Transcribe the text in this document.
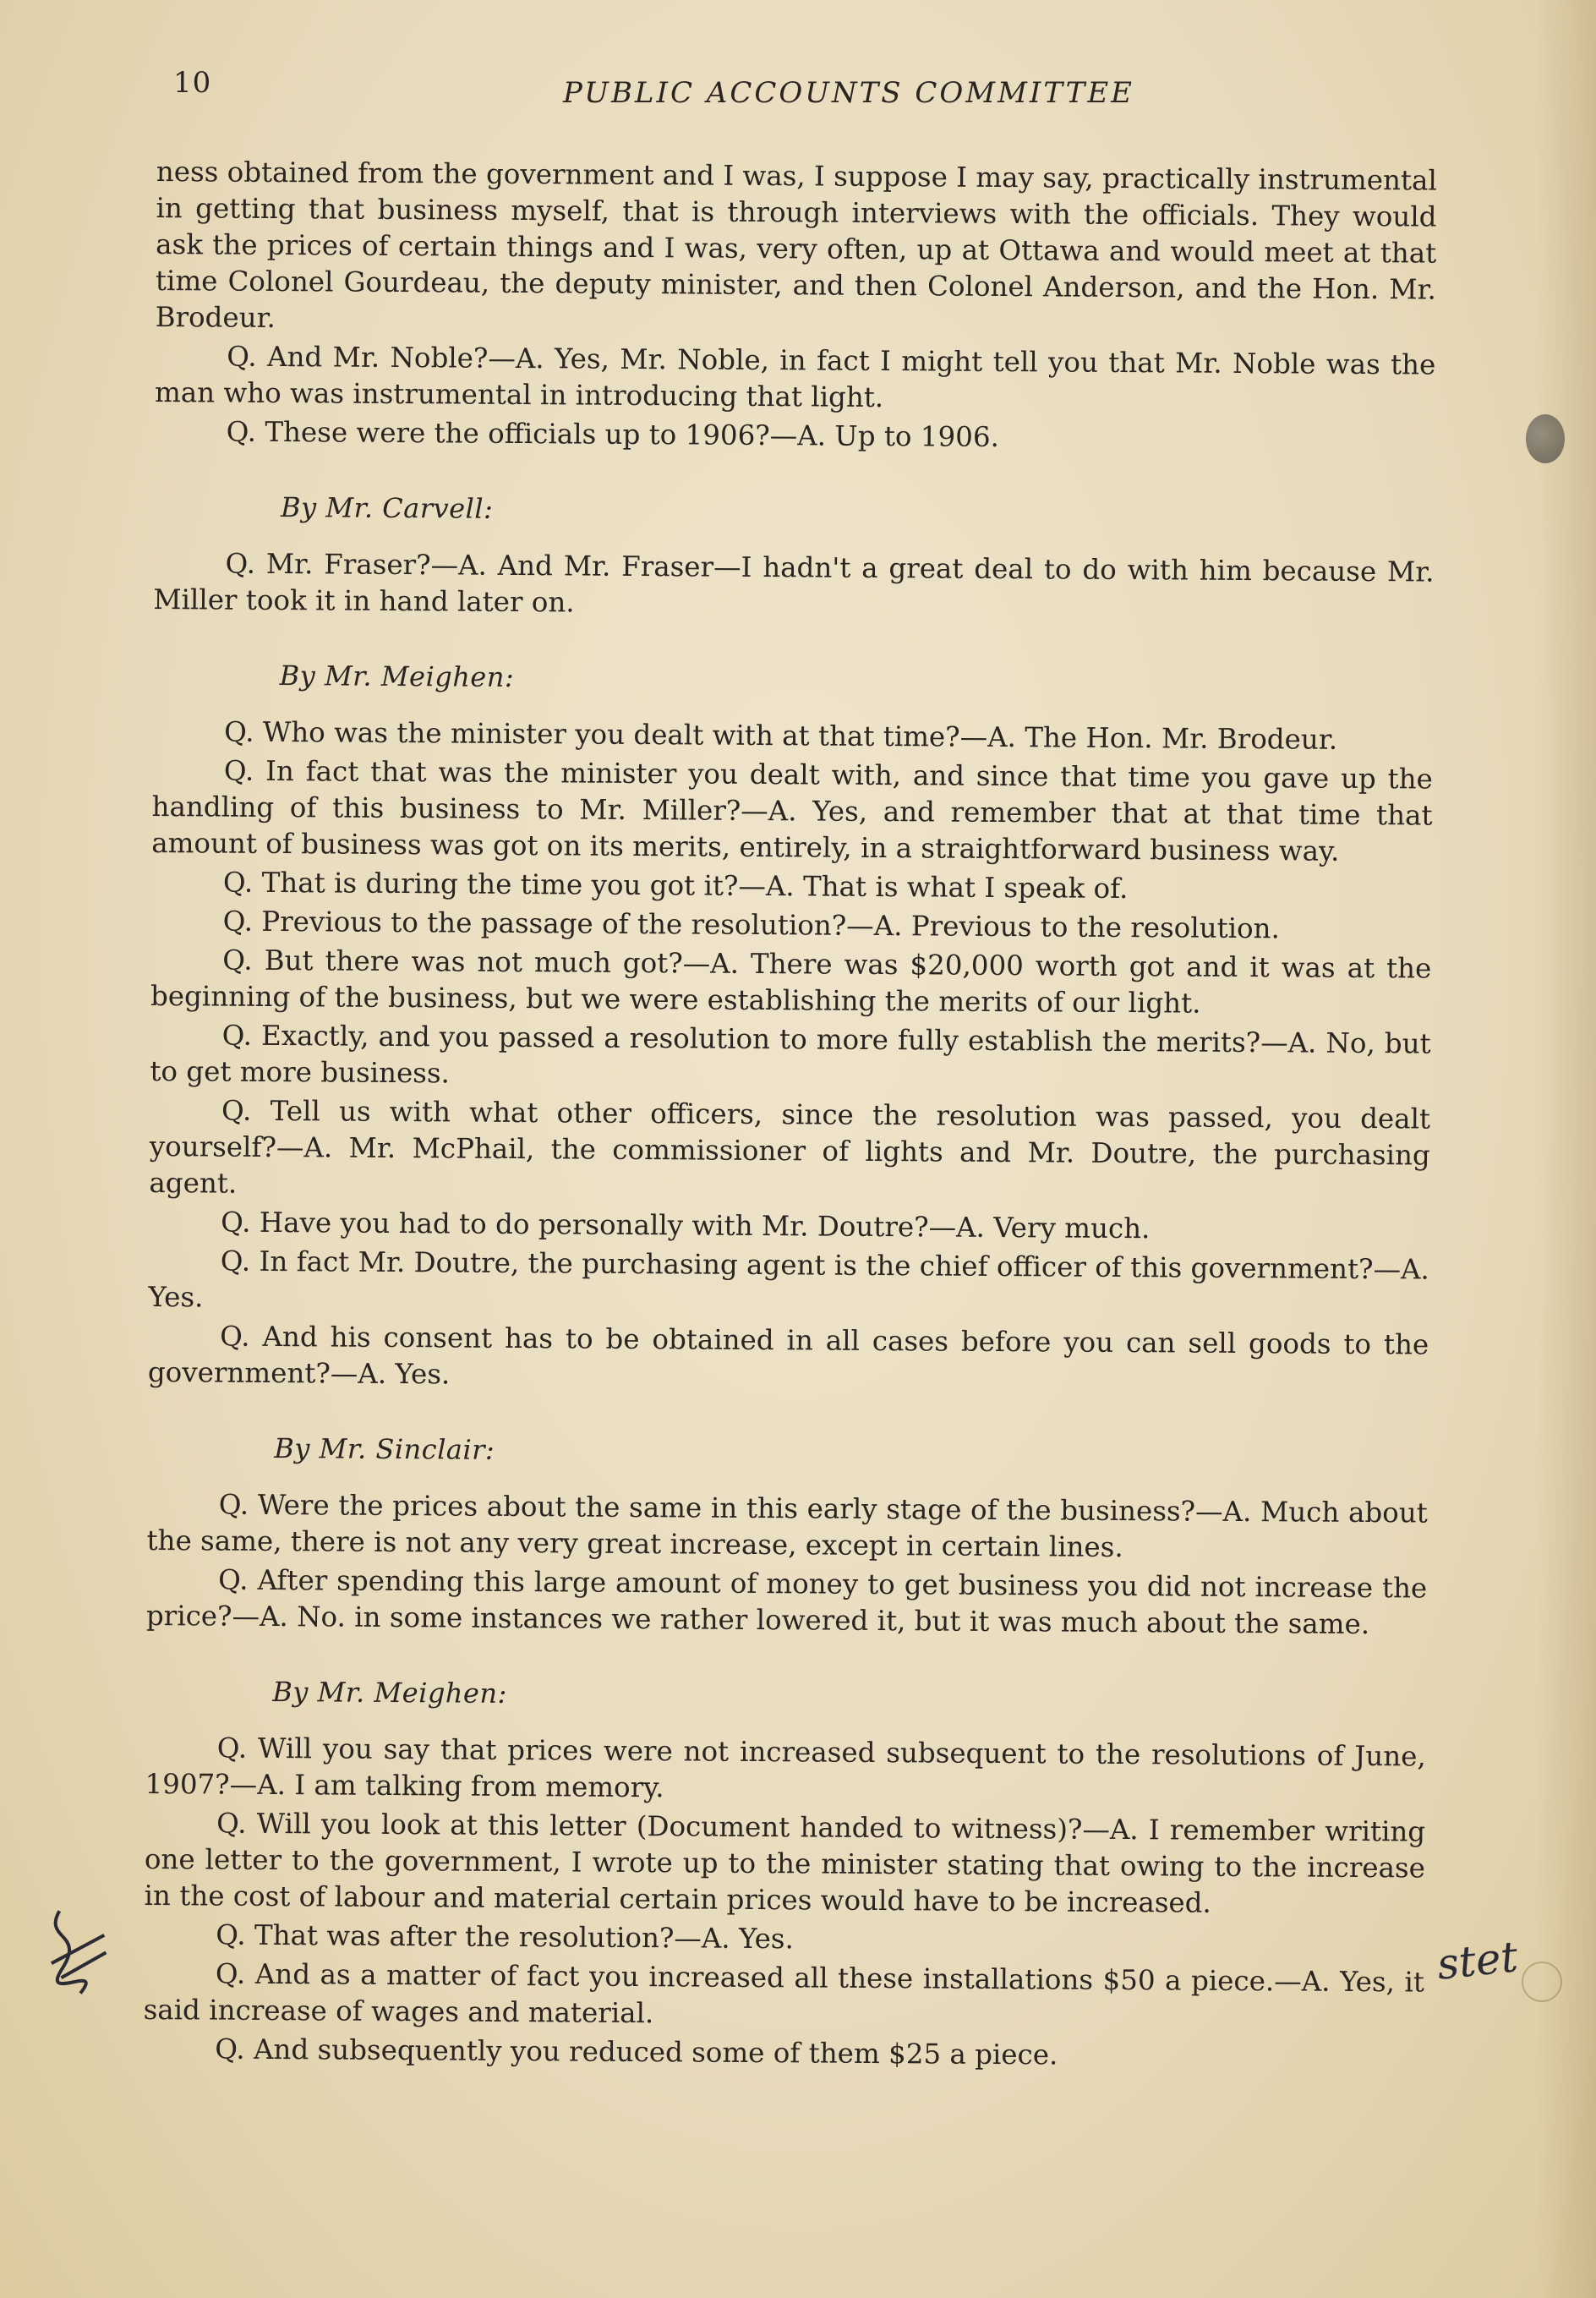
10	PUBLIC ACCOUNTS COMMITTEE
ness obtained from the government and I was, I suppose I may say, practically instrumental in getting that business myself, that is through interviews with the officials. They would ask the prices of certain things and I was, very often, up at Ottawa and would meet at that time Colonel Gourdeau, the deputy minister, and then Colonel Anderson, and the Hon. Mr. Brodeur.
Q. And Mr. Noble?—A. Yes, Mr. Noble, in fact I might tell you that Mr. Noble was the man who was instrumental in introducing that light.
Q. These were the officials up to 1906?—A. Up to 1906.
By Mr. Carvell:
Q. Mr. Fraser?—A. And Mr. Fraser—I hadn't a great deal to do with him because Mr. Miller took it in hand later on.
By Mr. Meighen:
Q. Who was the minister you dealt with at that time?—A. The Hon. Mr. Brodeur.
Q. In fact that was the minister you dealt with, and since that time you gave up the handling of this business to Mr. Miller?—A. Yes, and remember that at that time that amount of business was got on its merits, entirely, in a straightforward business way.
Q. That is during the time you got it?—A. That is what I speak of.
Q. Previous to the passage of the resolution?—A. Previous to the resolution.
Q. But there was not much got?—A. There was $20,000 worth got and it was at the beginning of the business, but we were establishing the merits of our light.
Q. Exactly, and you passed a resolution to more fully establish the merits?—A. No, but to get more business.
Q. Tell us with what other officers, since the resolution was passed, you dealt yourself?—A. Mr. McPhail, the commissioner of lights and Mr. Doutre, the purchasing agent.
Q. Have you had to do personally with Mr. Doutre?—A. Very much.
Q. In fact Mr. Doutre, the purchasing agent is the chief officer of this government?—A. Yes.
Q. And his consent has to be obtained in all cases before you can sell goods to the government?—A. Yes.
By Mr. Sinclair:
Q. Were the prices about the same in this early stage of the business?—A. Much about the same, there is not any very great increase, except in certain lines.
Q. After spending this large amount of money to get business you did not increase the price?—A. No. in some instances we rather lowered it, but it was much about the same.
By Mr. Meighen:
Q. Will you say that prices were not increased subsequent to the resolutions of June, 1907?—A. I am talking from memory.
Q. Will you look at this letter (Document handed to witness)?—A. I remember writing one letter to the government, I wrote up to the minister stating that owing to the increase in the cost of labour and material certain prices would have to be increased.
Q. That was after the resolution?—A. Yes.
Q. And as a matter of fact you increased all these installations $50 a piece.—A. Yes, it said increase of wages and material.
Q. And subsequently you reduced some of them $25 a piece.
stet
